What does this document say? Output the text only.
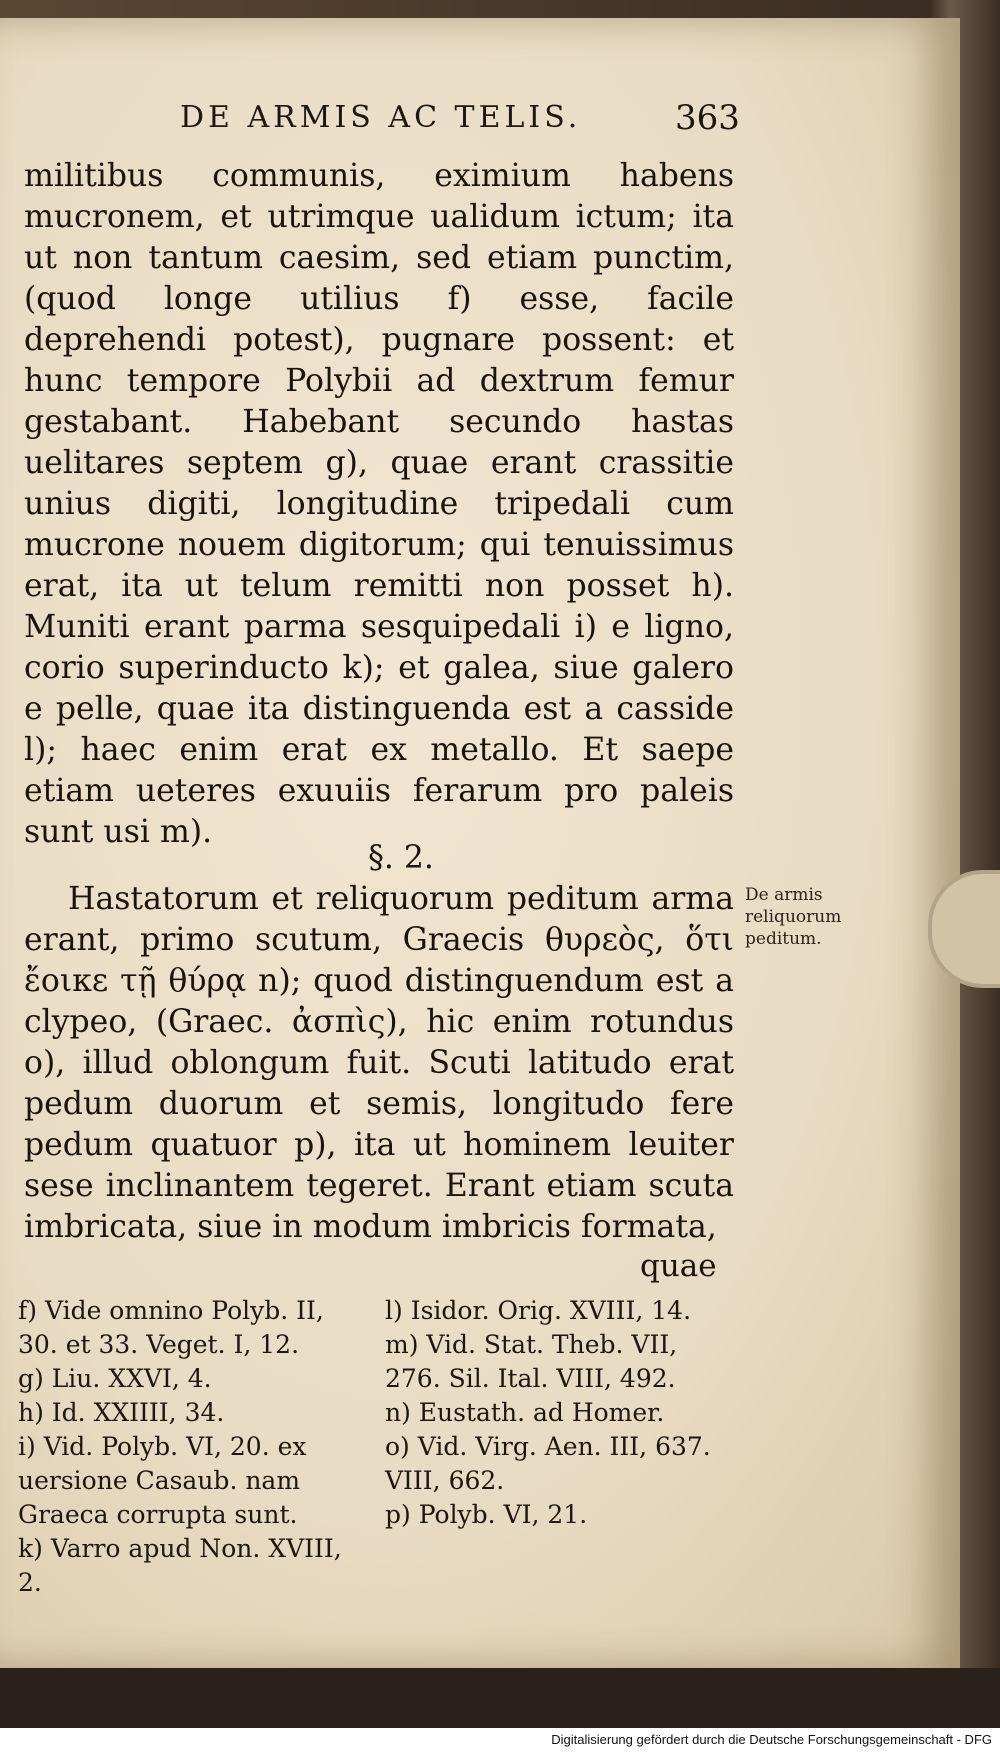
DE ARMIS AC TELIS.	363

militibus communis, eximium habens mucronem, et utrimque ualidum ictum; ita ut non tantum caesim, sed etiam punctim, (quod longe utilius f) esse, facile deprehendi potest), pugnare possent: et hunc tempore Polybii ad dextrum femur gestabant. Habebant secundo hastas uelitares septem g), quae erant crassitie unius digiti, longitudine tripedali cum mucrone nouem digitorum; qui tenuissimus erat, ita ut telum remitti non posset h). Muniti erant parma sesquipedali i) e ligno, corio superinducto k); et galea, siue galero e pelle, quae ita distinguenda est a casside l); haec enim erat ex metallo. Et saepe etiam ueteres exuuiis ferarum pro paleis sunt usi m).

§. 2.

Hastatorum et reliquorum peditum arma erant, primo scutum, Graecis θυρεὸς, ὅτι ἔοικε τῇ θύρᾳ n); quod distinguendum est a clypeo, (Graec. ἀσπὶς), hic enim rotundus o), illud oblongum fuit. Scuti latitudo erat pedum duorum et semis, longitudo fere pedum quatuor p), ita ut hominem leuiter sese inclinantem tegeret. Erant etiam scuta imbricata, siue in modum imbricis formata,

quae
De armis reliquorum peditum.

f) Vide omnino Polyb. II, 30. et 33. Veget. I, 12.

g) Liu. XXVI, 4.

h) Id. XXIIII, 34.

i) Vid. Polyb. VI, 20. ex uersione Casaub. nam Graeca corrupta sunt.

k) Varro apud Non. XVIII, 2.

l) Isidor. Orig. XVIII, 14.

m) Vid. Stat. Theb. VII, 276. Sil. Ital. VIII, 492.

n) Eustath. ad Homer.

o) Vid. Virg. Aen. III, 637. VIII, 662.

p) Polyb. VI, 21.

Digitalisierung gefördert durch die Deutsche Forschungsgemeinschaft - DFG
